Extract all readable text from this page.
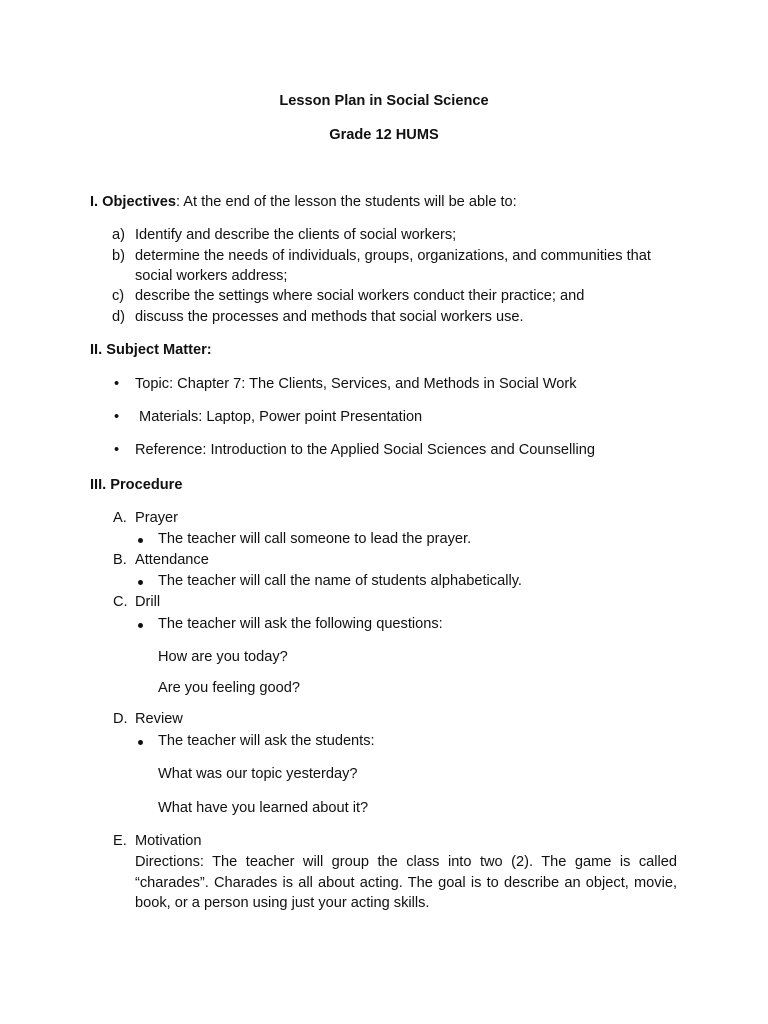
Lesson Plan in Social Science
Grade 12 HUMS
I. Objectives: At the end of the lesson the students will be able to:
a) Identify and describe the clients of social workers;
b) determine the needs of individuals, groups, organizations, and communities that
social workers address;
c) describe the settings where social workers conduct their practice; and
d) discuss the processes and methods that social workers use.
II. Subject Matter:
• Topic: Chapter 7: The Clients, Services, and Methods in Social Work
• Materials: Laptop, Power point Presentation
• Reference: Introduction to the Applied Social Sciences and Counselling
III. Procedure
A. Prayer
The teacher will call someone to lead the prayer.
B. Attendance
The teacher will call the name of students alphabetically.
C. Drill
The teacher will ask the following questions:
How are you today?
Are you feeling good?
D. Review
The teacher will ask the students:
What was our topic yesterday?
What have you learned about it?
E. Motivation
Directions: The teacher will group the class into two (2). The game is called “charades”. Charades is all about acting. The goal is to describe an object, movie, book, or a person using just your acting skills.
